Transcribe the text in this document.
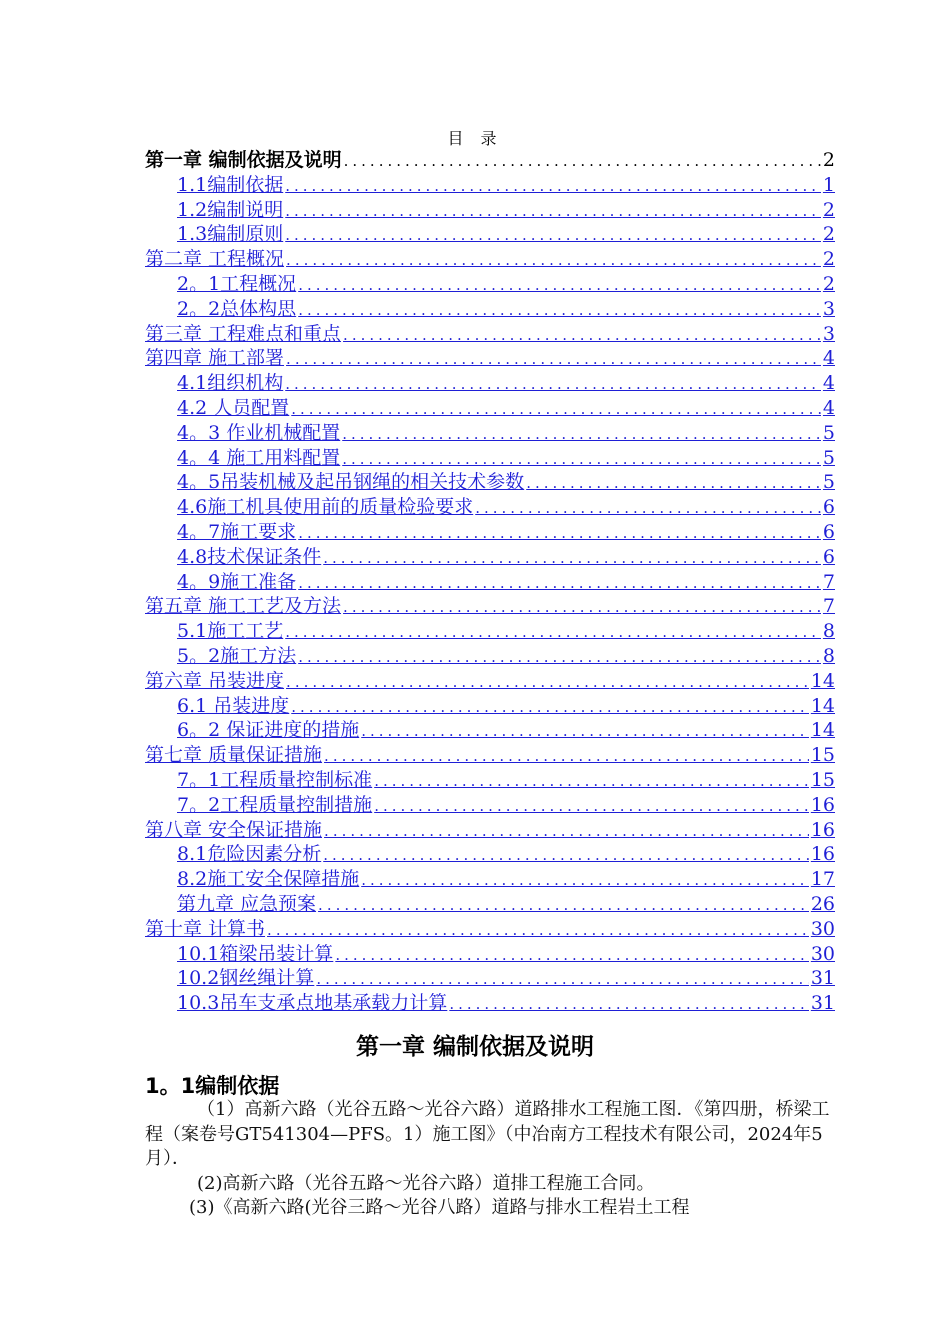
目 录
第一章 编制依据及说明 .....	2
1.1编制依据 .....	1
1.2编制说明 .....	2
1.3编制原则 .....	2
第二章 工程概况 .....	2
2。1工程概况 .....	2
2。2总体构思 .....	3
第三章 工程难点和重点 .....	3
第四章 施工部署 .....	4
4.1组织机构 .....	4
4.2 人员配置 .....	4
4。3 作业机械配置 .....	5
4。4 施工用料配置 .....	5
4。5吊装机械及起吊钢绳的相关技术参数 .....	5
4.6施工机具使用前的质量检验要求 .....	6
4。7施工要求 .....	6
4.8技术保证条件 .....	6
4。9施工准备 .....	7
第五章 施工工艺及方法 .....	7
5.1施工工艺 .....	8
5。2施工方法 .....	8
第六章 吊装进度 .....	14
6.1 吊装进度 .....	14
6。2 保证进度的措施 .....	14
第七章 质量保证措施 .....	15
7。1工程质量控制标准 .....	15
7。2工程质量控制措施 .....	16
第八章 安全保证措施 .....	16
8.1危险因素分析 .....	16
8.2施工安全保障措施 .....	17
第九章 应急预案 .....	26
第十章 计算书 .....	30
10.1箱梁吊装计算 .....	30
10.2钢丝绳计算 .....	31
10.3吊车支承点地基承载力计算 .....	31
第一章 编制依据及说明
1。1编制依据

（1）高新六路（光谷五路～光谷六路）道路排水工程施工图．《第四册，桥梁工程（案卷号GT541304—PFS。1）施工图》（中冶南方工程技术有限公司，2024年5月）．

(2)高新六路（光谷五路～光谷六路）道排工程施工合同。

(3)《高新六路(光谷三路～光谷八路）道路与排水工程岩土工程
